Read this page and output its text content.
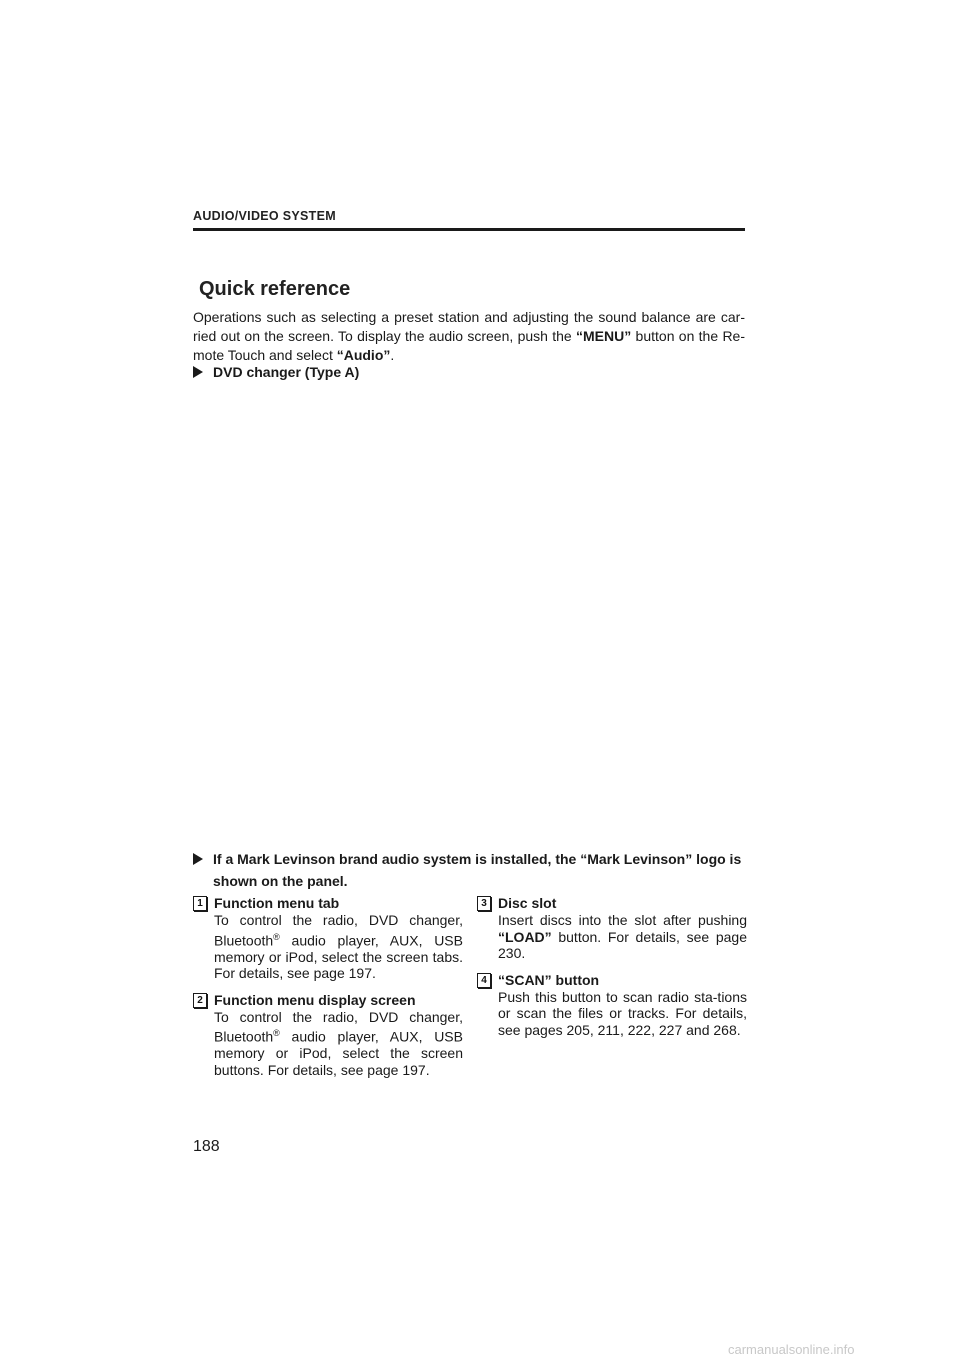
AUDIO/VIDEO SYSTEM
Quick reference
Operations such as selecting a preset station and adjusting the sound balance are car-ried out on the screen. To display the audio screen, push the “MENU” button on the Re-mote Touch and select “Audio”.
DVD changer (Type A)
If a Mark Levinson brand audio system is installed, the “Mark Levinson” logo is shown on the panel.
1 Function menu tab
To control the radio, DVD changer, Bluetooth® audio player, AUX, USB memory or iPod, select the screen tabs. For details, see page 197.
2 Function menu display screen
To control the radio, DVD changer, Bluetooth® audio player, AUX, USB memory or iPod, select the screen buttons. For details, see page 197.
3 Disc slot
Insert discs into the slot after pushing “LOAD” button. For details, see page 230.
4 “SCAN” button
Push this button to scan radio sta-tions or scan the files or tracks. For details, see pages 205, 211, 222, 227 and 268.
188
carmanualsonline.info
